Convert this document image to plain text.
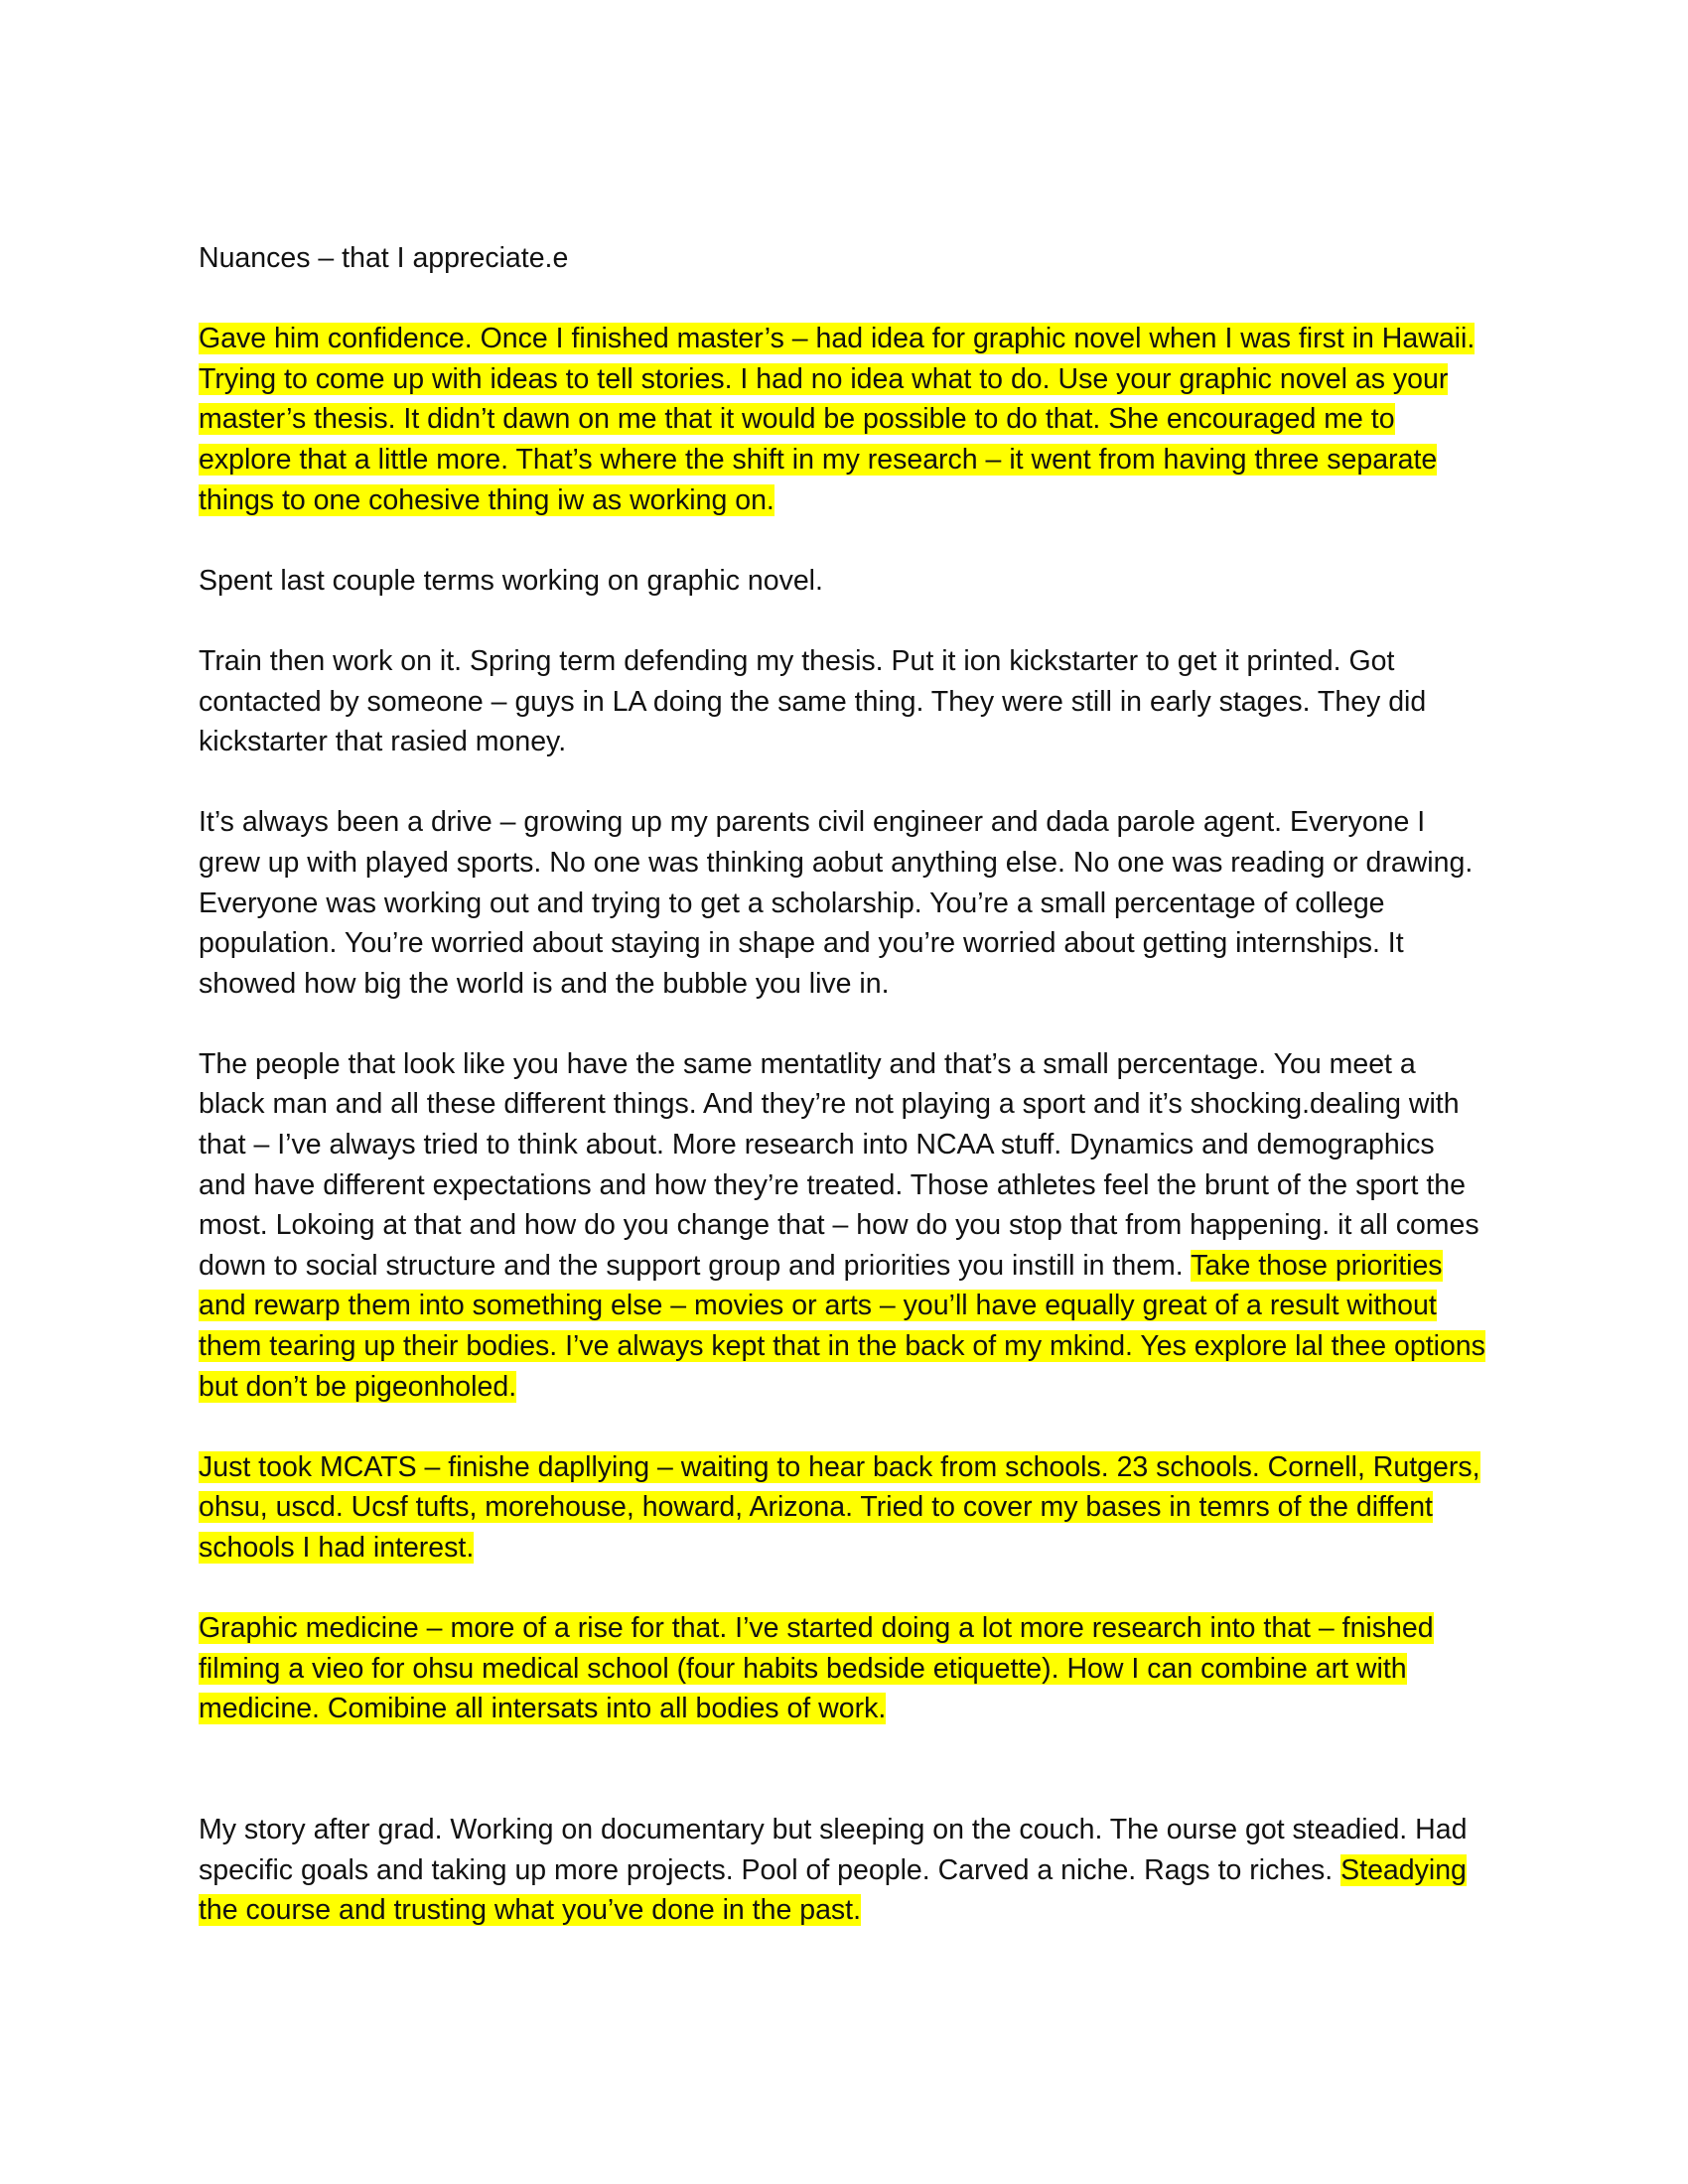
Nuances – that I appreciate.e

Gave him confidence. Once I finished master’s – had idea for graphic novel when I was first in Hawaii. Trying to come up with ideas to tell stories. I had no idea what to do. Use your graphic novel as your master’s thesis. It didn’t dawn on me that it would be possible to do that. She encouraged me to explore that a little more. That’s where the shift in my research – it went from having three separate things to one cohesive thing iw as working on.

Spent last couple terms working on graphic novel.

Train then work on it. Spring term defending my thesis. Put it ion kickstarter to get it printed. Got contacted by someone – guys in LA doing the same thing. They were still in early stages. They did kickstarter that rasied money.

It’s always been a drive – growing up my parents civil engineer and dada parole agent. Everyone I grew up with played sports. No one was thinking aobut anything else. No one was reading or drawing. Everyone was working out and trying to get a scholarship. You’re a small percentage of college population. You’re worried about staying in shape and you’re worried about getting internships. It showed how big the world is and the bubble you live in.

The people that look like you have the same mentatlity and that’s a small percentage. You meet a black man and all these different things. And they’re not playing a sport and it’s shocking.dealing with that – I’ve always tried to think about. More research into NCAA stuff. Dynamics and demographics and have different expectations and how they’re treated. Those athletes feel the brunt of the sport the most. Lokoing at that and how do you change that – how do you stop that from happening. it all comes down to social structure and the support group and priorities you instill in them. Take those priorities and rewarp them into something else – movies or arts – you’ll have equally great of a result without them tearing up their bodies. I’ve always kept that in the back of my mkind. Yes explore lal thee options but don’t be pigeonholed.

Just took MCATS – finishe dapllying – waiting to hear back from schools. 23 schools. Cornell, Rutgers, ohsu, uscd. Ucsf tufts, morehouse, howard, Arizona. Tried to cover my bases in temrs of the diffent schools I had interest.

Graphic medicine – more of a rise for that. I’ve started doing a lot more research into that – fnished filming a vieo for ohsu medical school (four habits bedside etiquette). How I can combine art with medicine. Comibine all intersats into all bodies of work.

My story after grad. Working on documentary but sleeping on the couch. The ourse got steadied. Had specific goals and taking up more projects. Pool of people. Carved a niche. Rags to riches. Steadying the course and trusting what you’ve done in the past.
